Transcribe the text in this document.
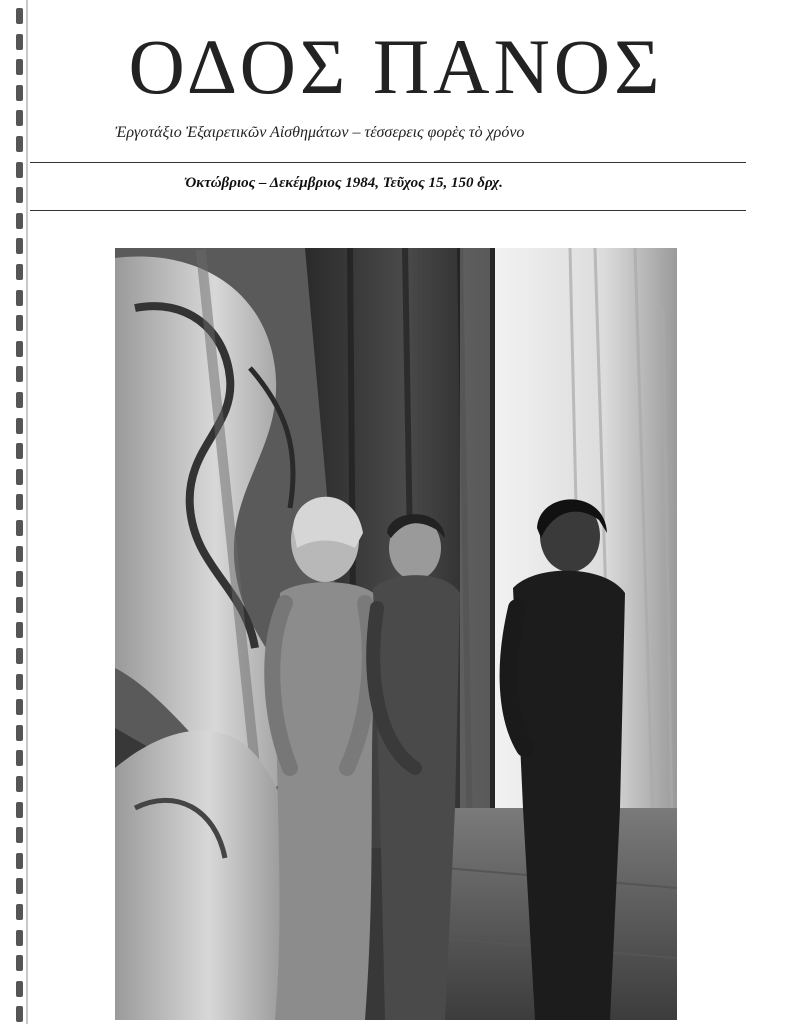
ΟΔΟΣ ΠΑΝΟΣ
Ἐργοτάξιο Ἐξαιρετικῶν Αἰσθημάτων – τέσσερεις φορὲς τὸ χρόνο
Ὀκτώβριος – Δεκέμβριος 1984, Τεῦχος 15, 150 δρχ.
